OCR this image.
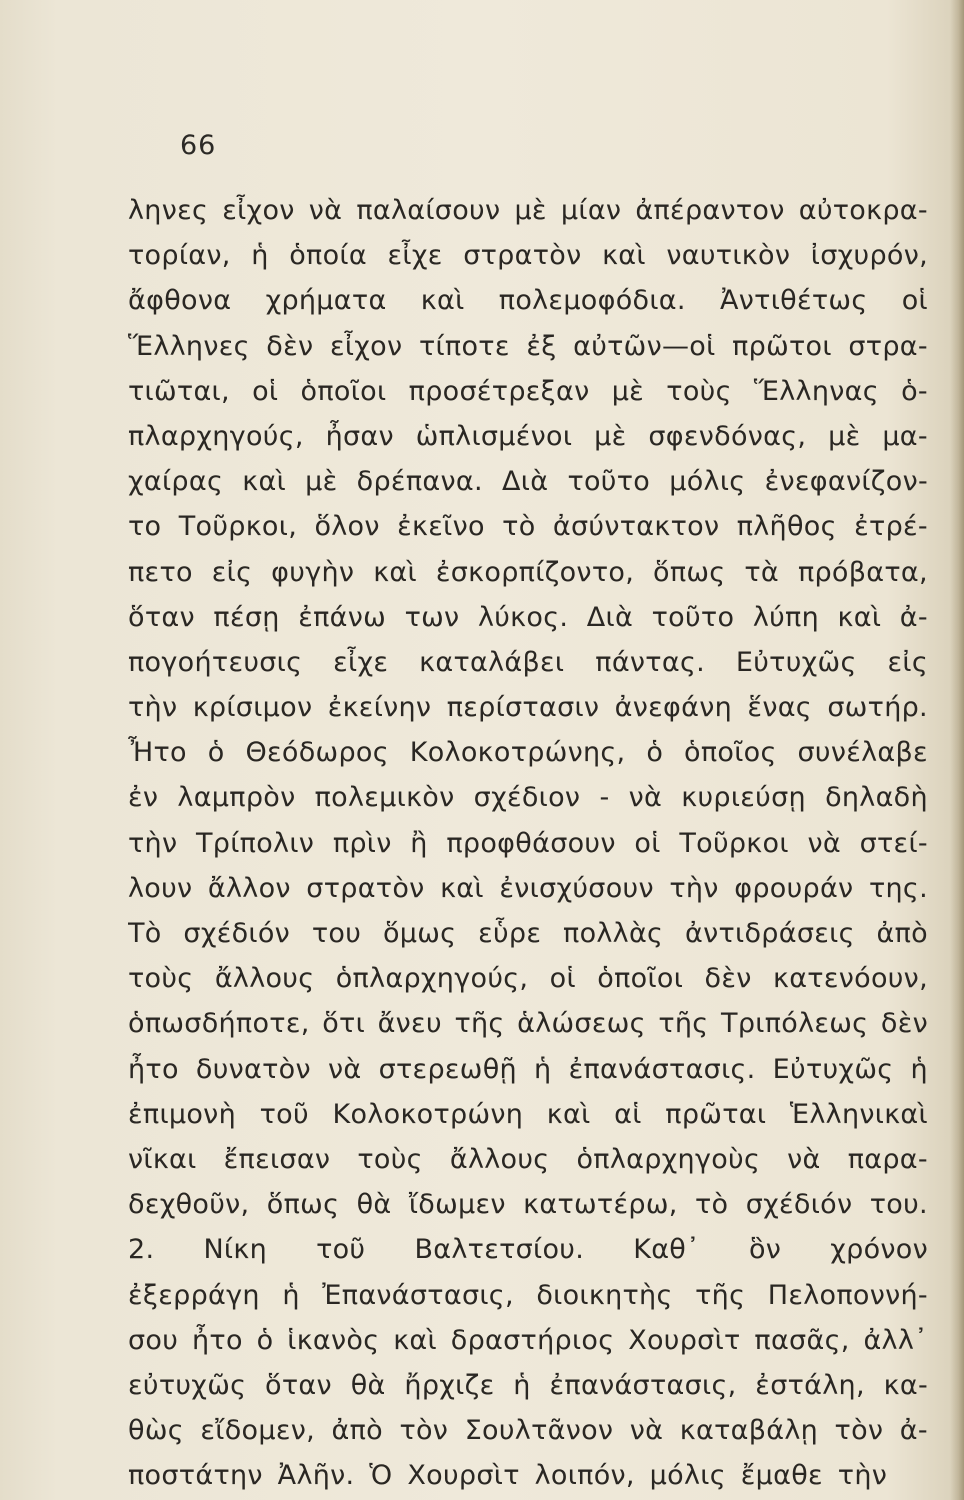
66
ληνες εἶχον νὰ παλαίσουν μὲ μίαν ἀπέραντον αὐτοκρα-
τορίαν, ἡ ὁποία εἶχε στρατὸν καὶ ναυτικὸν ἰσχυρόν,
ἄφθονα χρήματα καὶ πολεμοφόδια. Ἀντιθέτως οἱ
Ἕλληνες δὲν εἶχον τίποτε ἐξ αὐτῶν—οἱ πρῶτοι στρα-
τιῶται, οἱ ὁποῖοι προσέτρεξαν μὲ τοὺς Ἕλληνας ὁ-
πλαρχηγούς, ἦσαν ὡπλισμένοι μὲ σφενδόνας, μὲ μα-
χαίρας καὶ μὲ δρέπανα. Διὰ τοῦτο μόλις ἐνεφανίζον-
το Τοῦρκοι, ὅλον ἐκεῖνο τὸ ἀσύντακτον πλῆθος ἐτρέ-
πετο εἰς φυγὴν καὶ ἐσκορπίζοντο, ὅπως τὰ πρόβατα,
ὅταν πέσῃ ἐπάνω των λύκος. Διὰ τοῦτο λύπη καὶ ἀ-
πογοήτευσις εἶχε καταλάβει πάντας. Εὐτυχῶς εἰς
τὴν κρίσιμον ἐκείνην περίστασιν ἀνεφάνη ἕνας σωτήρ.
Ἦτο ὁ Θεόδωρος Κολοκοτρώνης, ὁ ὁποῖος συνέλαβε
ἐν λαμπρὸν πολεμικὸν σχέδιον - νὰ κυριεύσῃ δηλαδὴ
τὴν Τρίπολιν πρὶν ἢ προφθάσουν οἱ Τοῦρκοι νὰ στεί-
λουν ἄλλον στρατὸν καὶ ἐνισχύσουν τὴν φρουράν της.
Τὸ σχέδιόν του ὅμως εὗρε πολλὰς ἀντιδράσεις ἀπὸ
τοὺς ἄλλους ὁπλαρχηγούς, οἱ ὁποῖοι δὲν κατενόουν,
ὁπωσδήποτε, ὅτι ἄνευ τῆς ἁλώσεως τῆς Τριπόλεως δὲν
ἦτο δυνατὸν νὰ στερεωθῇ ἡ ἐπανάστασις. Εὐτυχῶς ἡ
ἐπιμονὴ τοῦ Κολοκοτρώνη καὶ αἱ πρῶται Ἑλληνικαὶ
νῖκαι ἔπεισαν τοὺς ἄλλους ὁπλαρχηγοὺς νὰ παρα-
δεχθοῦν, ὅπως θὰ ἴδωμεν κατωτέρω, τὸ σχέδιόν του.
2. Νίκη τοῦ Βαλτετσίου. Καθ᾽ ὃν χρόνον
ἐξερράγη ἡ Ἐπανάστασις, διοικητὴς τῆς Πελοποννή-
σου ἦτο ὁ ἱκανὸς καὶ δραστήριος Χουρσὶτ πασᾶς, ἀλλ᾽
εὐτυχῶς ὅταν θὰ ἤρχιζε ἡ ἐπανάστασις, ἐστάλη, κα-
θὼς εἴδομεν, ἀπὸ τὸν Σουλτᾶνον νὰ καταβάλῃ τὸν ἀ-
ποστάτην Ἀλῆν. Ὁ Χουρσὶτ λοιπόν, μόλις ἔμαθε τὴν
